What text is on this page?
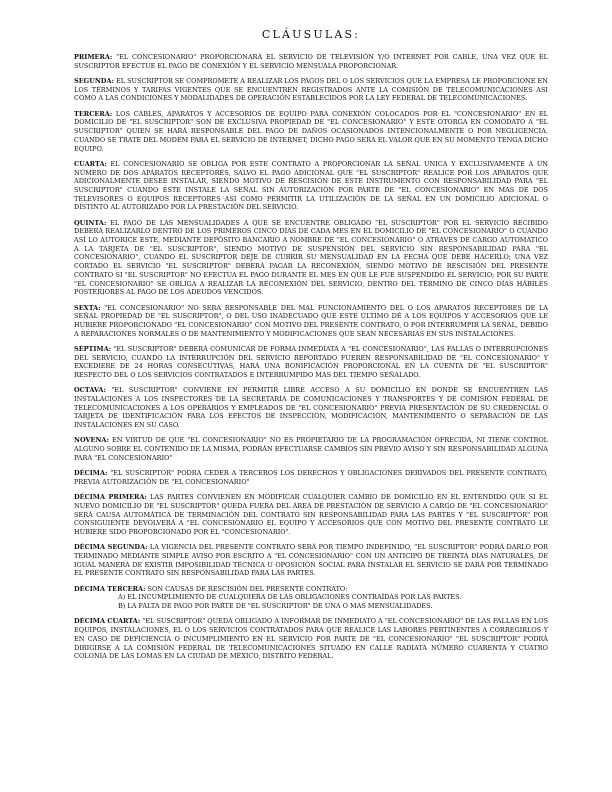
CLÁUSULAS:

PRIMERA: "EL CONCESIONARIO" PROPORCIONARÁ EL SERVICIO DE TELEVISIÓN Y/O INTERNET POR CABLE, UNA VEZ QUE EL SUSCRIPTOR EFECTUE EL PAGO DE CONEXIÓN Y EL SERVICIO MENSUALA PROPORCIONAR.

SEGUNDA: EL SUSCRIPTOR SE COMPROMETE A REALIZAR LOS PAGOS DEL O LOS SERVICIOS QUE LA EMPRESA LE PROPORCIONE EN LOS TÉRMINOS Y TARIFAS VIGENTES QUE SE ENCUENTREN REGISTRADOS ANTE LA COMISIÓN DE TELECOMUNICACIONES ASI COMO A LAS CONDICIONES Y MODALIDADES DE OPERACIÓN ESTABLECIDOS POR LA LEY FEDERAL DE TELECOMUNICACIONES.

TERCERA: LOS CABLES, APARATOS Y ACCESORIOS DE EQUIPO PARA CONEXIÓN COLOCADOS POR EL "CONCESIONARIO" EN EL DOMICILIO DE "EL SUSCRIPTOR" SON DE EXCLUSIVA PROPIEDAD DE "EL CONCESIONARIO" Y ESTE OTORGA EN COMODATO A "EL SUSCRIPTOR" QUIEN SE HARÁ RESPONSABLE DEL PAGO DE DAÑOS OCASIONADOS INTENCIONALMENTE O POR NEGLIGENCIA. CUANDO SE TRATE DEL MODEM PARA EL SERVICIO DE INTERNET, DICHO PAGO SERA EL VALOR QUE EN SU MOMENTO TENGA DICHO EQUIPO.

CUARTA: EL CONCESIONARIO SE OBLIGA POR ESTE CONTRATO A PROPORCIONAR LA SEÑAL UNICA Y EXCLUSIVAMENTE A UN NÚMERO DE DOS APARATOS RECEPTORES, SALVO EL PAGO ADICIONAL QUE "EL SUSCRIPTOR" REALICE POR LOS APARATOS QUE ADICIONALMENTE DESEE INSTALAR, SIENDO MOTIVO DE RESCISIÓN DE ESTE INSTRUMENTO CON RESPONSABILIDAD PARA "EL SUSCRIPTOR" CUANDO ESTE INSTALE LA SEÑAL SIN AUTORIZACIÓN POR PARTE DE "EL CONCESIONARIO" EN MAS DE DOS TELEVISORES O EQUIPOS RECEPTORES ASI COMO PERMITIR LA UTILIZACIÓN DE LA SEÑAL EN UN DOMICILIO ADICIONAL O DISTINTO AL AUTORIZADO POR LA PRESTACIÓN DEL SERVICIO.

QUINTA: EL PAGO DE LAS MENSUALIDADES A QUE SE ENCUENTRE OBLIGADO "EL SUSCRIPTOR" POR EL SERVICIO RECIBIDO DEBERÁ REALIZARLO DENTRO DE LOS PRIMEROS CINCO DÍAS DE CADA MES EN EL DOMICILIO DE "EL CONCESIONARIO" O CUANDO ASÍ LO AUTORICE ESTE, MEDIANTE DEPÓSITO BANCARIO A NOMBRE DE "EL CONCESIONARIO" O ATRAVES DE CARGO AUTOMÁTICO A LA TARJETA DE "EL SUSCRIPTOR", SIENDO MOTIVO DE SUSPENSIÓN DEL SERVICIO SIN RESPONSABILIDAD PARA "EL CONCESIONARIO", CUANDO EL SUSCRIPTOR DEJE DE CUBRIR SU MENSUALIDAD EN LA FECHA QUE DEBE HACERLO; UNA VEZ CORTADO EL SERVICIO "EL SUSCRIPTOR" DEBERÁ PAGAR LA RECONEXIÓN, SIENDO MOTIVO DE RESCISIÓN DEL PRESENTE CONTRATO SI "EL SUSCRIPTOR" NO EFECTUA EL PAGO DURANTE EL MES EN QUE LE FUE SUSPENDIDO EL SERVICIO; POR SU PARTE "EL CONCESIONARIO" SE OBLIGA A REALIZAR LA RECONEXIÓN DEL SERVICIO, DENTRO DEL TÉRMINO DE CINCO DÍAS HÁBILES POSTERIORES AL PAGO DE LOS ADEUDOS VENCIDOS.

SEXTA: "EL CONCESIONARIO" NO SERA RESPONSABLE DEL MAL FUNCIONAMIENTO DEL O LOS APARATOS RECEPTORES DE LA SEÑAL PROPIEDAD DE "EL SUSCRIPTOR", O DEL USO INADECUADO QUE ESTE ÚLTIMO DÉ A LOS EQUIPOS Y ACCESORIOS QUE LE HUBIERE PROPORCIONADO "EL CONCESIONARIO" CON MOTIVO DEL PRESENTE CONTRATO, O POR INTERRUMPIR LA SEÑAL, DEBIDO A REPARACIONES NORMALES O DE MANTENIMIENTO Y MODIFICACIONES QUE SEAN NECESARIAS EN SUS INSTALACIONES.

SÉPTIMA: "EL SUSCRIPTOR" DEBERÁ COMUNICAR DE FORMA INMEDIATA A "EL CONCESIONARIO", LAS FALLAS O INTERRUPCIONES DEL SERVICIO, CUANDO LA INTERRUPCIÓN DEL SERVICIO REPORTADO FUEREN RESPONSABILIDAD DE "EL CONCESIONARIO" Y EXCEDIERE DE 24 HORAS CONSECUTIVAS, HARÁ UNA BONIFICACIÓN PROPORCIONAL EN LA CUENTA DE "EL SUSCRIPTOR" RESPECTO DEL O LOS SERVICIOS CONTRATADOS E INTERRUMPIDO MAS DEL TIEMPO SEÑALADO.

OCTAVA: "EL SUSCRIPTOR" CONVIENE EN PERMITIR LIBRE ACCESO A SU DOMICILIO EN DONDE SE ENCUENTREN LAS INSTALACIONES A LOS INSPECTORES DE LA SECRETARÍA DE COMUNICACIONES Y TRANSPORTES Y DE COMISIÓN FEDERAL DE TELECOMUNICACIONES A LOS OPERARIOS Y EMPLEADOS DE "EL CONCESIONARIO" PREVIA PRESENTACIÓN DE SU CREDENCIAL O TARJETA DE IDENTIFICACIÓN PARA LOS EFECTOS DE INSPECCIÓN, MODIFICACIÓN, MANTENIMIENTO O SEPARACIÓN DE LAS INSTALACIONES EN SU CASO.

NOVENA: EN VIRTUD DE QUE "EL CONCESIONARIO" NO ES PROPIETARIO DE LA PROGRAMACIÓN OFRECIDA, NI TIENE CONTROL ALGUNO SOBRE EL CONTENIDO DE LA MISMA, PODRÁN EFECTUARSE CAMBIOS SIN PREVIO AVISO Y SIN RESPONSABILIDAD ALGUNA PARA "EL CONCESIONARIO"

DÉCIMA: "EL SUSCRIPTOR" PODRA CEDER A TERCEROS LOS DERECHOS Y OBLIGACIONES DERIVADOS DEL PRESENTE CONTRATO, PREVIA AUTORIZACIÓN DE "EL CONCESIONARIO"

DÉCIMA PRIMERA: LAS PARTES CONVIENEN EN MODIFICAR CUALQUIER CAMBIO DE DOMICILIO EN EL ENTENDIDO QUE SI EL NUEVO DOMICILIO DE "EL SUSCRIPTOR" QUEDA FUERA DEL ÁREA DE PRESTACIÓN DE SERVICIO A CARGO DE "EL CONCESIONARIO" SERÁ CAUSA AUTOMÁTICA DE TERMINACIÓN DEL CONTRATO SIN RESPONSABILIDAD PARA LAS PARTES Y "EL SUSCRIPTOR" POR CONSIGUIENTE DEVOLVERÁ A "EL CONCESIONARIO EL EQUIPO Y ACCESORIOS QUE CON MOTIVO DEL PRESENTE CONTRATO LE HUBIERE SIDO PROPORCIONADO POR EL "CONCESIONARIO".

DÉCIMA SEGUNDA: LA VIGENCIA DEL PRESENTE CONTRATO SERÁ POR TIEMPO INDEFINIDO, "EL SUSCRIPTOR" PODRÁ DARLO POR TERMINADO MEDIANTE SIMPLE AVISO POR ESCRITO A "EL CONCESIONARIO" CON UN ANTICIPO DE TREINTA DÍAS NATURALES, DE IGUAL MANERA DE EXISTIR IMPOSIBILIDAD TÉCNICA U OPOSICIÓN SOCIAL PARA INSTALAR EL SERVICIO SE DARÁ POR TERMINADO EL PRESENTE CONTRATO SIN RESPONSABILIDAD PARA LAS PARTES.

DÉCIMA TERCERA: SON CAUSAS DE RESCISIÓN DEL PRESENTE CONTRATO:
A) EL INCUMPLIMIENTO DE CUALQUIERA DE LAS OBLIGACIONES CONTRAÍDAS POR LAS PARTES.
B) LA FALTA DE PAGO POR PARTE DE "EL SUSCRIPTOR" DE UNA O MAS MENSUALIDADES.

DÉCIMA CUARTA: "EL SUSCRIPTOR" QUEDA OBLIGADO A INFORMAR DE INMEDIATO A "EL CONCESIONARIO" DE LAS FALLAS EN LOS EQUIPOS, INSTALACIONES, EL O LOS SERVICIOS CONTRATADOS PARA QUE REALICE LAS LABORES PERTINENTES A CORREGIRLOS Y EN CASO DE DEFICIENCIA O INCUMPLIMIENTO EN EL SERVICIO POR PARTE DE "EL CONCESIONARIO" "EL SUSCRIPTOR" PODRÁ DIRIGIRSE A LA COMISIÓN FEDERAL DE TELECOMUNICACIONES SITUADO EN CALLE RADIATA NÚMERO CUARENTA Y CUATRO COLONIA DE LAS LOMAS EN LA CIUDAD DE MÉXICO, DISTRITO FEDERAL.
